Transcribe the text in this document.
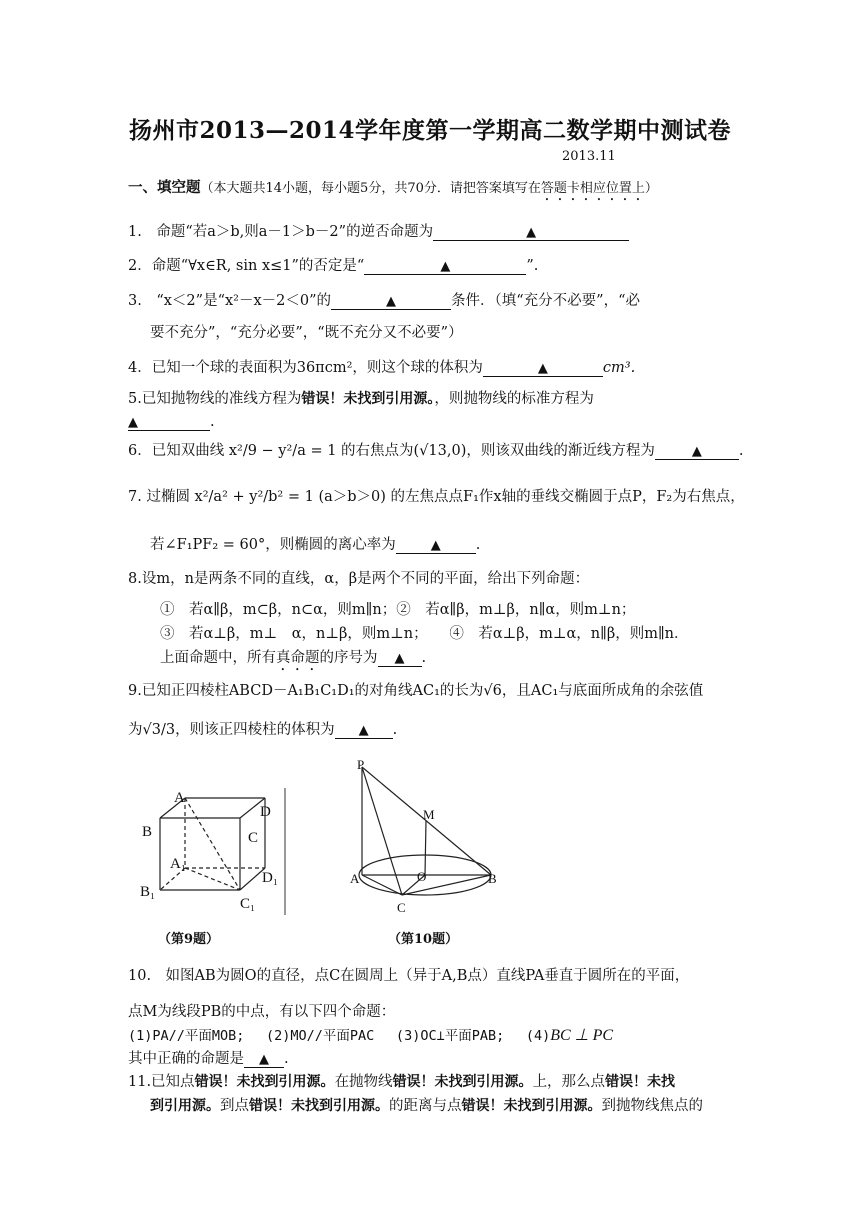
扬州市2013—2014学年度第一学期高二数学期中测试卷
2013.11
一、填空题（本大题共14小题，每小题5分，共70分．请把答案填写在答题卡相应位置上）
1.　命题“若a＞b,则a－1＞b－2”的逆否命题为	▲
2．命题“∀x∈R, sin x≤1”的否定是“	▲	”.
3.　“x＜2”是“x²－x－2＜0”的	▲	条件．（填“充分不必要”，“必
要不充分”，“充分必要”，“既不充分又不必要”）
4．已知一个球的表面积为36πcm²，则这个球的体积为	▲	cm³.
5.已知抛物线的准线方程为错误！未找到引用源。，则抛物线的标准方程为
▲	.
6．已知双曲线 x²/9 − y²/a = 1 的右焦点为(√13,0)，则该双曲线的渐近线方程为	▲	.
7. 过椭圆 x²/a² + y²/b² = 1 (a＞b＞0) 的左焦点点F₁作x轴的垂线交椭圆于点P，F₂为右焦点，
若∠F₁PF₂ = 60°，则椭圆的离心率为	▲ .
8.设m，n是两条不同的直线，α，β是两个不同的平面，给出下列命题：
①　若α∥β，m⊂β，n⊂α，则m∥n；②　若α∥β，m⊥β，n∥α，则m⊥n；
③　若α⊥β，m⊥　α，n⊥β，则m⊥n；　　④　若α⊥β，m⊥α，n∥β，则m∥n．
上面命题中，所有真命题的序号为 ▲ .
9.已知正四棱柱ABCD－A₁B₁C₁D₁的对角线AC₁的长为√6，且AC₁与底面所成角的余弦值
为√3/3，则该正四棱柱的体积为 ▲ .
A
B	C
D
A₁
B₁
C₁
D₁
（第9题）
P
M
A	O	B
C
（第10题）
10.　如图AB为圆O的直径，点C在圆周上（异于A,B点）直线PA垂直于圆所在的平面，
点M为线段PB的中点，有以下四个命题：
(1)PA//平面MOB;　 (2)MO//平面PAC　 (3)OC⊥平面PAB;　 (4)BC ⊥ PC
其中正确的命题是 ▲ .
11.已知点错误！未找到引用源。在抛物线错误！未找到引用源。上，那么点错误！未找
到引用源。到点错误！未找到引用源。的距离与点错误！未找到引用源。到抛物线焦点的
